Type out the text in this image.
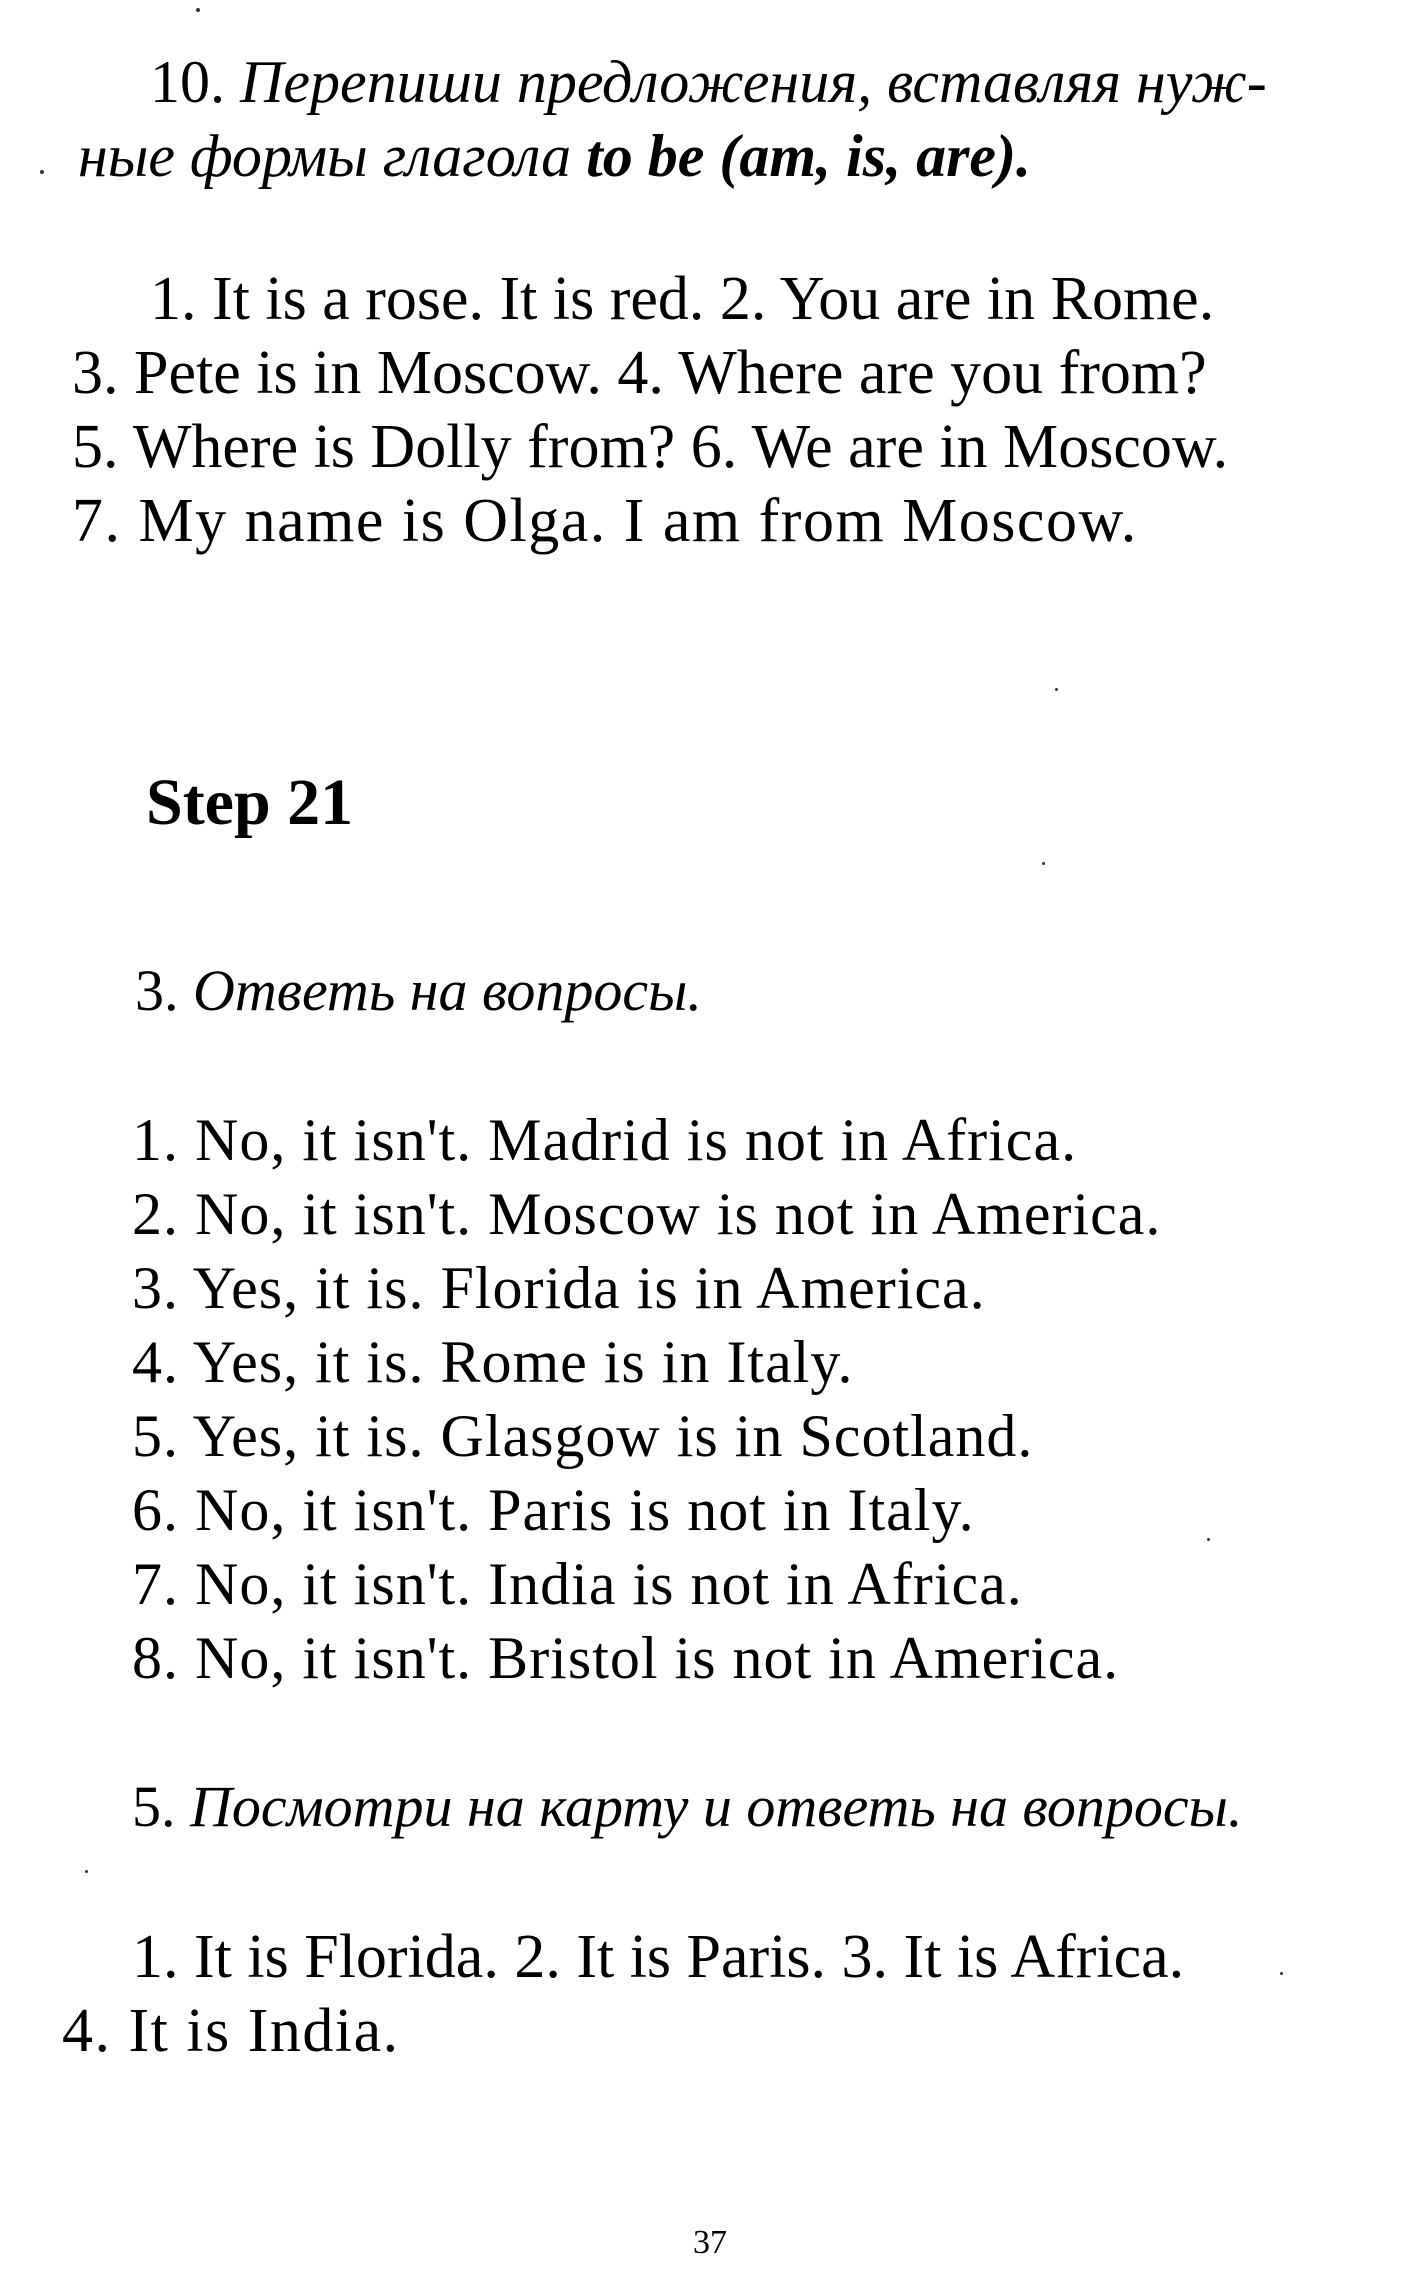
10. Перепиши предложения, вставляя нуж-
ные формы глагола to be (am, is, are).
1. It is a rose. It is red. 2. You are in Rome.
3. Pete is in Moscow. 4. Where are you from?
5. Where is Dolly from? 6. We are in Moscow.
7. My name is Olga. I am from Moscow.
Step 21
3. Ответь на вопросы.
1. No, it isn't. Madrid is not in Africa.
2. No, it isn't. Moscow is not in America.
3. Yes, it is. Florida is in America.
4. Yes, it is. Rome is in Italy.
5. Yes, it is. Glasgow is in Scotland.
6. No, it isn't. Paris is not in Italy.
7. No, it isn't. India is not in Africa.
8. No, it isn't. Bristol is not in America.
5. Посмотри на карту и ответь на вопросы.
1. It is Florida. 2. It is Paris. 3. It is Africa.
4. It is India.
37
